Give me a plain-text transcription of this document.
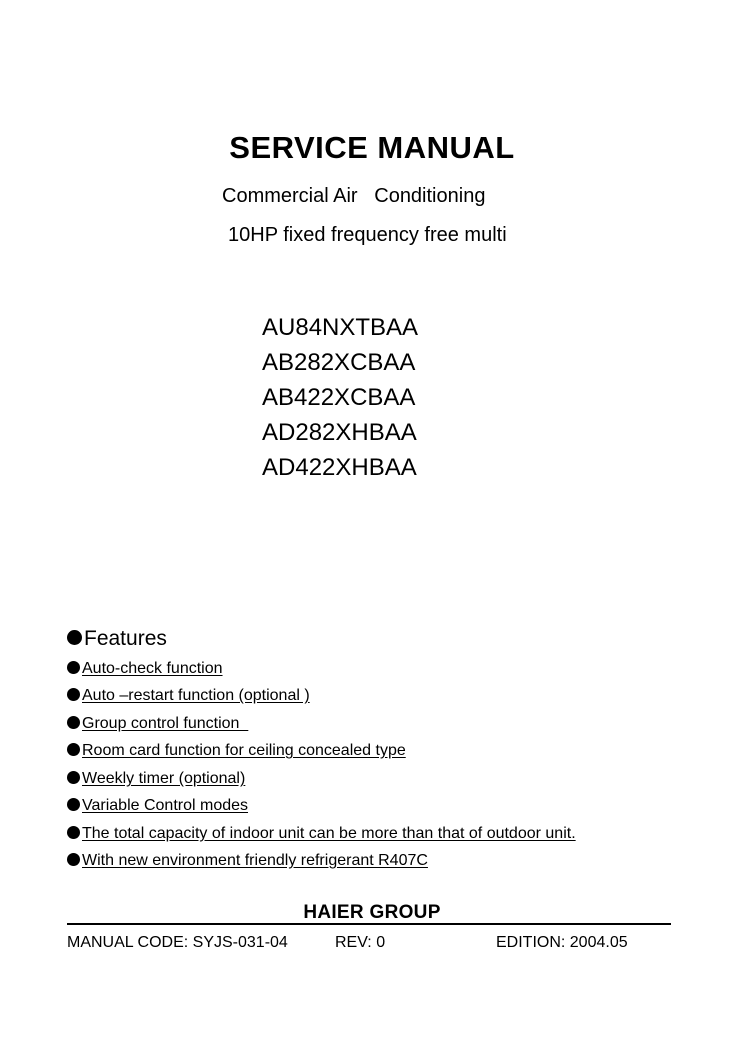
SERVICE MANUAL
Commercial Air   Conditioning
10HP fixed frequency free multi
AU84NXTBAA
AB282XCBAA
AB422XCBAA
AD282XHBAA
AD422XHBAA
Features
Auto-check function
Auto –restart function (optional )
Group control function
Room card function for ceiling concealed type
Weekly timer (optional)
Variable Control modes
The total capacity of indoor unit can be more than that of outdoor unit.
With new environment friendly refrigerant R407C
HAIER GROUP
MANUAL CODE: SYJS-031-04	REV: 0	EDITION: 2004.05
